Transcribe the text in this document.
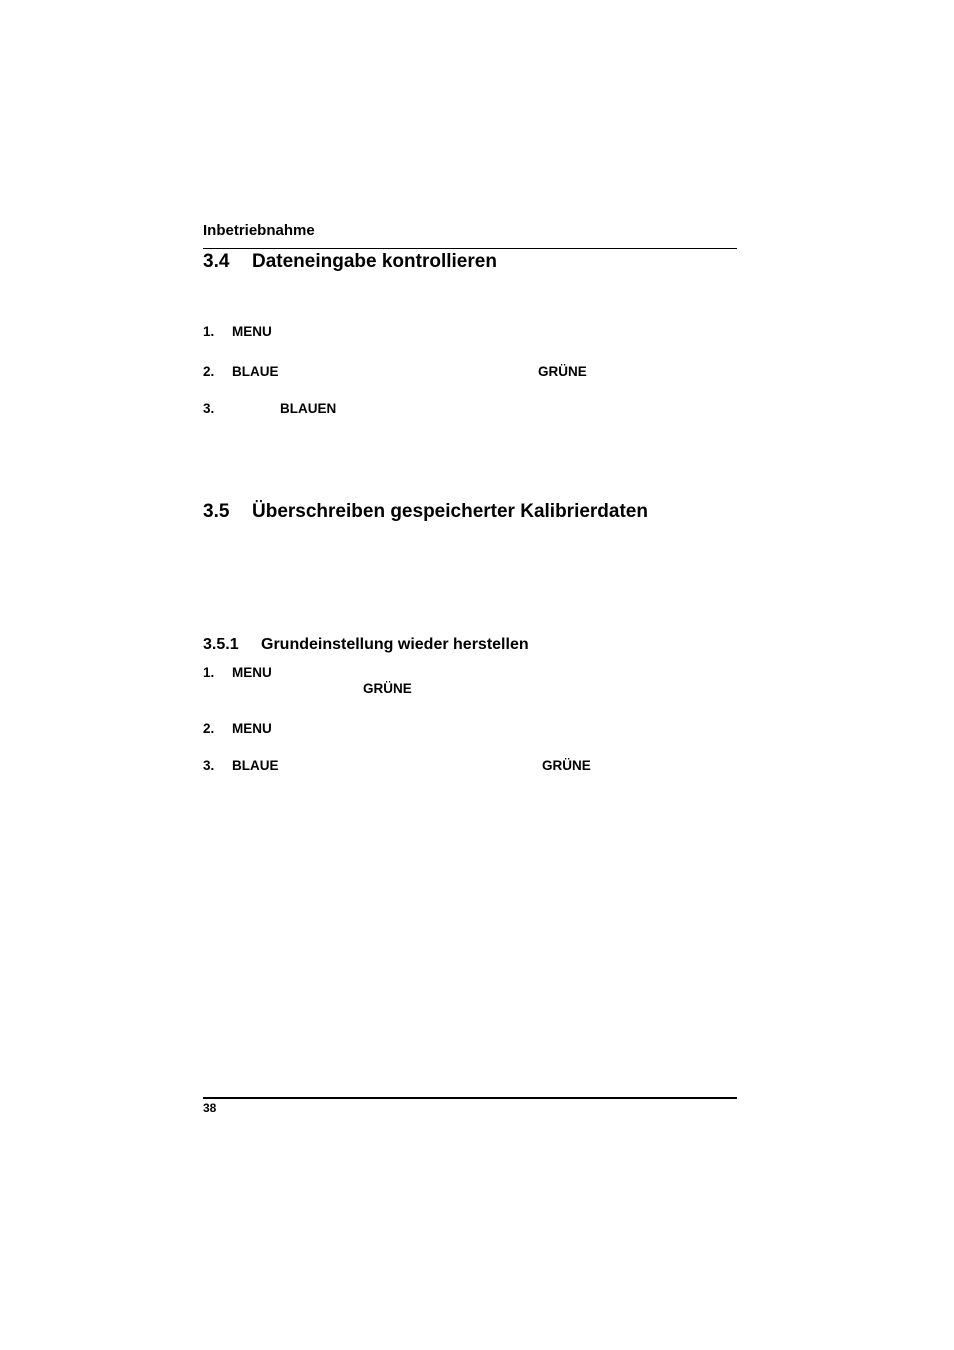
Inbetriebnahme
3.4 Dateneingabe kontrollieren
1. MENU
2. BLAUE	GRÜNE
3.	BLAUEN
3.5 Überschreiben gespeicherter Kalibrierdaten
3.5.1 Grundeinstellung wieder herstellen
1. MENU
GRÜNE
2. MENU
3. BLAUE	GRÜNE
38
